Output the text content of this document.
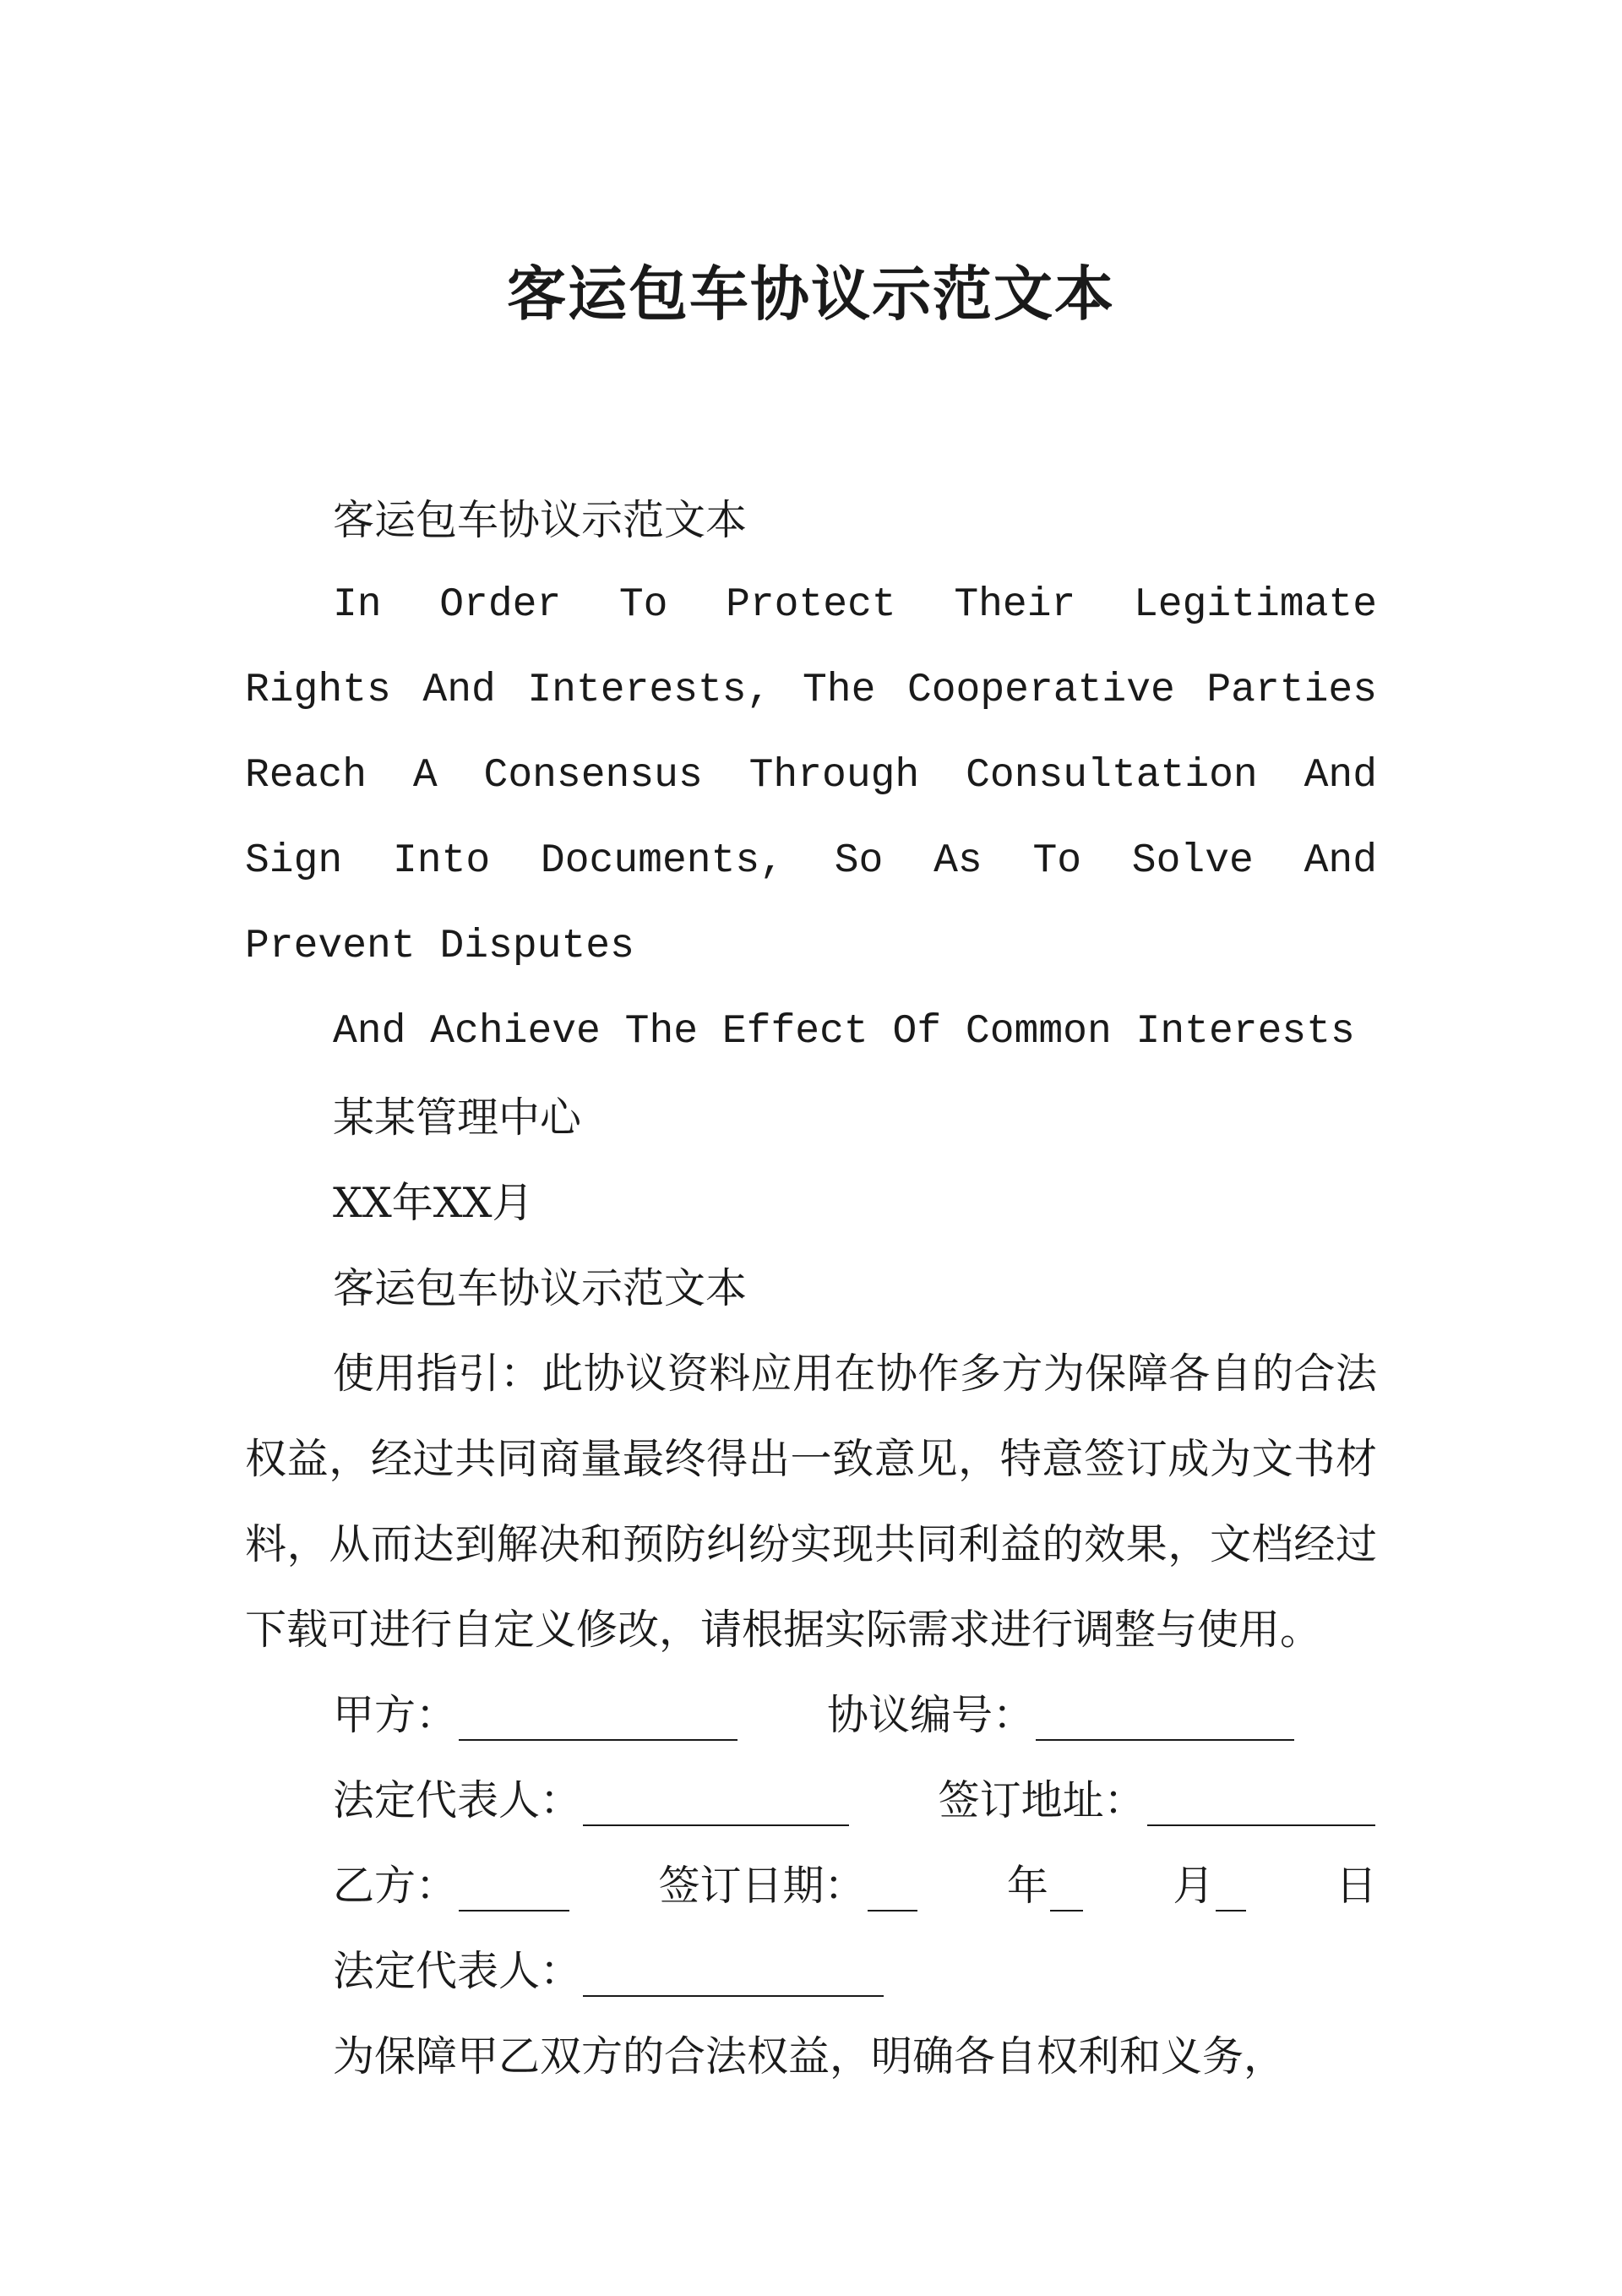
客运包车协议示范文本

客运包车协议示范文本

In Order To Protect Their Legitimate Rights And Interests, The Cooperative Parties Reach A Consensus Through Consultation And Sign Into Documents, So As To Solve And Prevent Disputes

And Achieve The Effect Of Common Interests

某某管理中心

XX年XX月

客运包车协议示范文本

使用指引：此协议资料应用在协作多方为保障各自的合法权益，经过共同商量最终得出一致意见，特意签订成为文书材料，从而达到解决和预防纠纷实现共同利益的效果，文档经过下载可进行自定义修改，请根据实际需求进行调整与使用。

甲方：	协议编号：
法定代表人：	签订地址：
乙方：	签订日期：	年	月	日
法定代表人：

为保障甲乙双方的合法权益，明确各自权利和义务，
